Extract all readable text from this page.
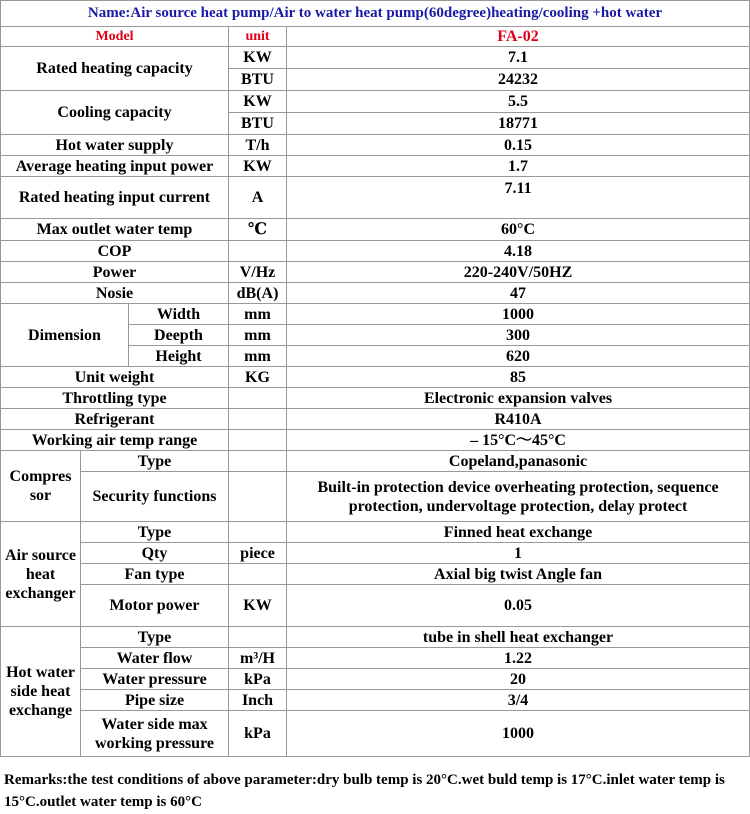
Name:Air source heat pump/Air to water heat pump(60degree)heating/cooling +hot water				
Model			unit	FA-02
Rated heating capacity			KW	7.1
			BTU	24232
Cooling capacity			KW	5.5
			BTU	18771
Hot water supply			T/h	0.15
Average heating input power			KW	1.7
Rated heating input current			A	7.11
Max outlet water temp			℃	60°C
COP				4.18
Power			V/Hz	220-240V/50HZ
Nosie			dB(A)	47
Dimension		Width	mm	1000
		Deepth	mm	300
		Height	mm	620
Unit weight			KG	85
Throttling type				Electronic expansion valves
Refrigerant				R410A
Working air temp range				– 15°C～45°C
Compres sor	Type			Copeland,panasonic
	Security functions			Built-in protection device overheating protection, sequence protection, undervoltage protection, delay protect
Air source heat exchanger	Type			Finned heat exchange
	Qty		piece	1
	Fan type			Axial big twist Angle fan
	Motor power		KW	0.05
Hot water side heat exchange	Type			tube in shell heat exchanger
	Water flow		m³/H	1.22
	Water pressure		kPa	20
	Pipe size		Inch	3/4
	Water side max working pressure		kPa	1000
Remarks:the test conditions of above parameter:dry bulb temp is 20°C.wet buld temp is 17°C.inlet water temp is 15°C.outlet water temp is 60°C
